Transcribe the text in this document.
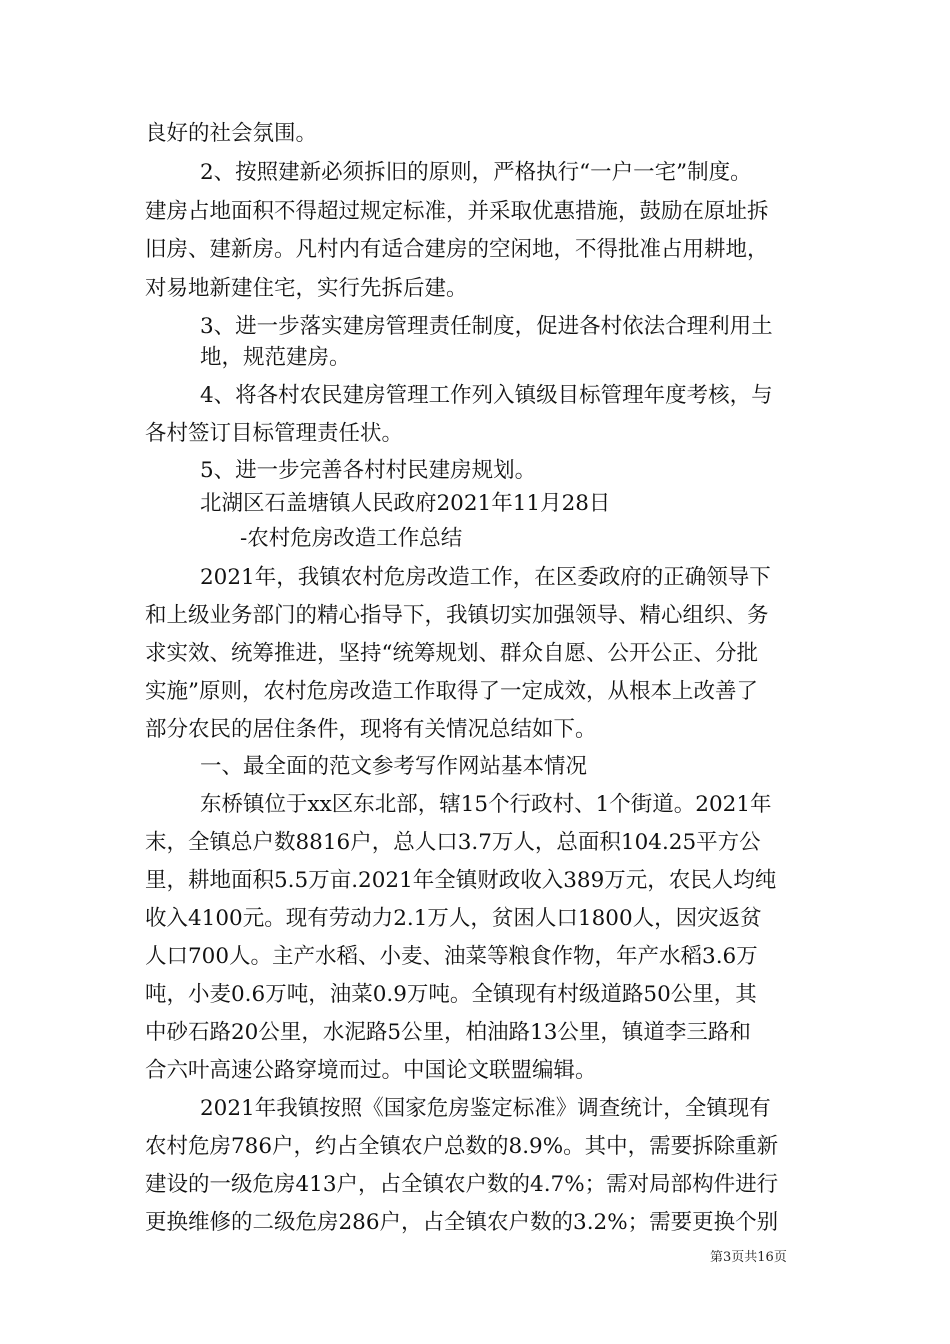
良好的社会氛围。
2、按照建新必须拆旧的原则，严格执行“一户一宅”制度。
建房占地面积不得超过规定标准，并采取优惠措施，鼓励在原址拆
旧房、建新房。凡村内有适合建房的空闲地，不得批准占用耕地，
对易地新建住宅，实行先拆后建。
3、进一步落实建房管理责任制度，促进各村依法合理利用土
地，规范建房。
4、将各村农民建房管理工作列入镇级目标管理年度考核，与
各村签订目标管理责任状。
5、进一步完善各村村民建房规划。
北湖区石盖塘镇人民政府2021年11月28日
-农村危房改造工作总结
2021年，我镇农村危房改造工作，在区委政府的正确领导下
和上级业务部门的精心指导下，我镇切实加强领导、精心组织、务
求实效、统筹推进，坚持“统筹规划、群众自愿、公开公正、分批
实施”原则，农村危房改造工作取得了一定成效，从根本上改善了
部分农民的居住条件，现将有关情况总结如下。
一、最全面的范文参考写作网站基本情况
东桥镇位于xx区东北部，辖15个行政村、1个街道。2021年
末，全镇总户数8816户，总人口3.7万人，总面积104.25平方公
里，耕地面积5.5万亩.2021年全镇财政收入389万元，农民人均纯
收入4100元。现有劳动力2.1万人，贫困人口1800人，因灾返贫
人口700人。主产水稻、小麦、油菜等粮食作物，年产水稻3.6万
吨，小麦0.6万吨，油菜0.9万吨。全镇现有村级道路50公里，其
中砂石路20公里，水泥路5公里，柏油路13公里，镇道李三路和
合六叶高速公路穿境而过。中国论文联盟编辑。
2021年我镇按照《国家危房鉴定标准》调查统计，全镇现有
农村危房786户，约占全镇农户总数的8.9%。其中，需要拆除重新
建设的一级危房413户，占全镇农户数的4.7%；需对局部构件进行
更换维修的二级危房286户，占全镇农户数的3.2%；需要更换个别
第3页共16页
